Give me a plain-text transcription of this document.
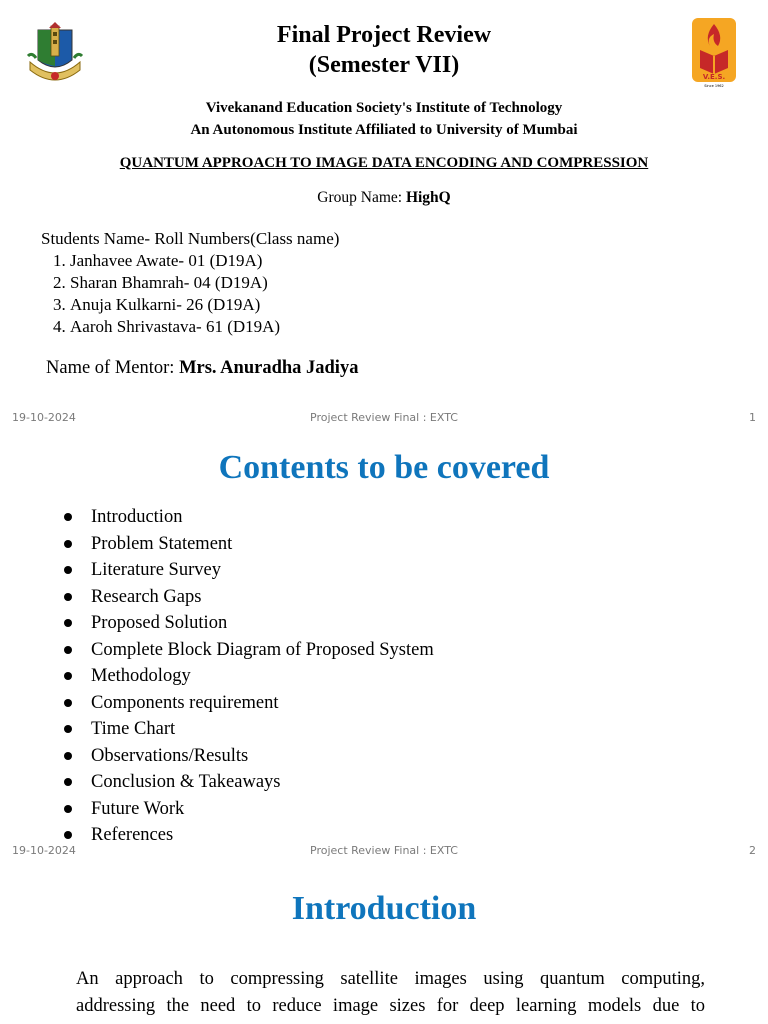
V.E.S.
Since 1962
Final Project Review
(Semester VII)
Vivekanand Education Society's Institute of Technology
An Autonomous Institute Affiliated to University of Mumbai
QUANTUM APPROACH TO IMAGE DATA ENCODING AND COMPRESSION
Group Name: HighQ
Students Name- Roll Numbers(Class name)
1. Janhavee Awate- 01 (D19A)
2. Sharan Bhamrah- 04 (D19A)
3. Anuja Kulkarni- 26 (D19A)
4. Aaroh Shrivastava- 61 (D19A)
Name of Mentor: Mrs. Anuradha Jadiya
19-10-2024	Project Review Final : EXTC	1
Contents to be covered
Introduction
Problem Statement
Literature Survey
Research Gaps
Proposed Solution
Complete Block Diagram of Proposed System
Methodology
Components requirement
Time Chart
Observations/Results
Conclusion & Takeaways
Future Work
References
19-10-2024	Project Review Final : EXTC	2
Introduction
An approach to compressing satellite images using quantum computing,
addressing the need to reduce image sizes for deep learning models due to
